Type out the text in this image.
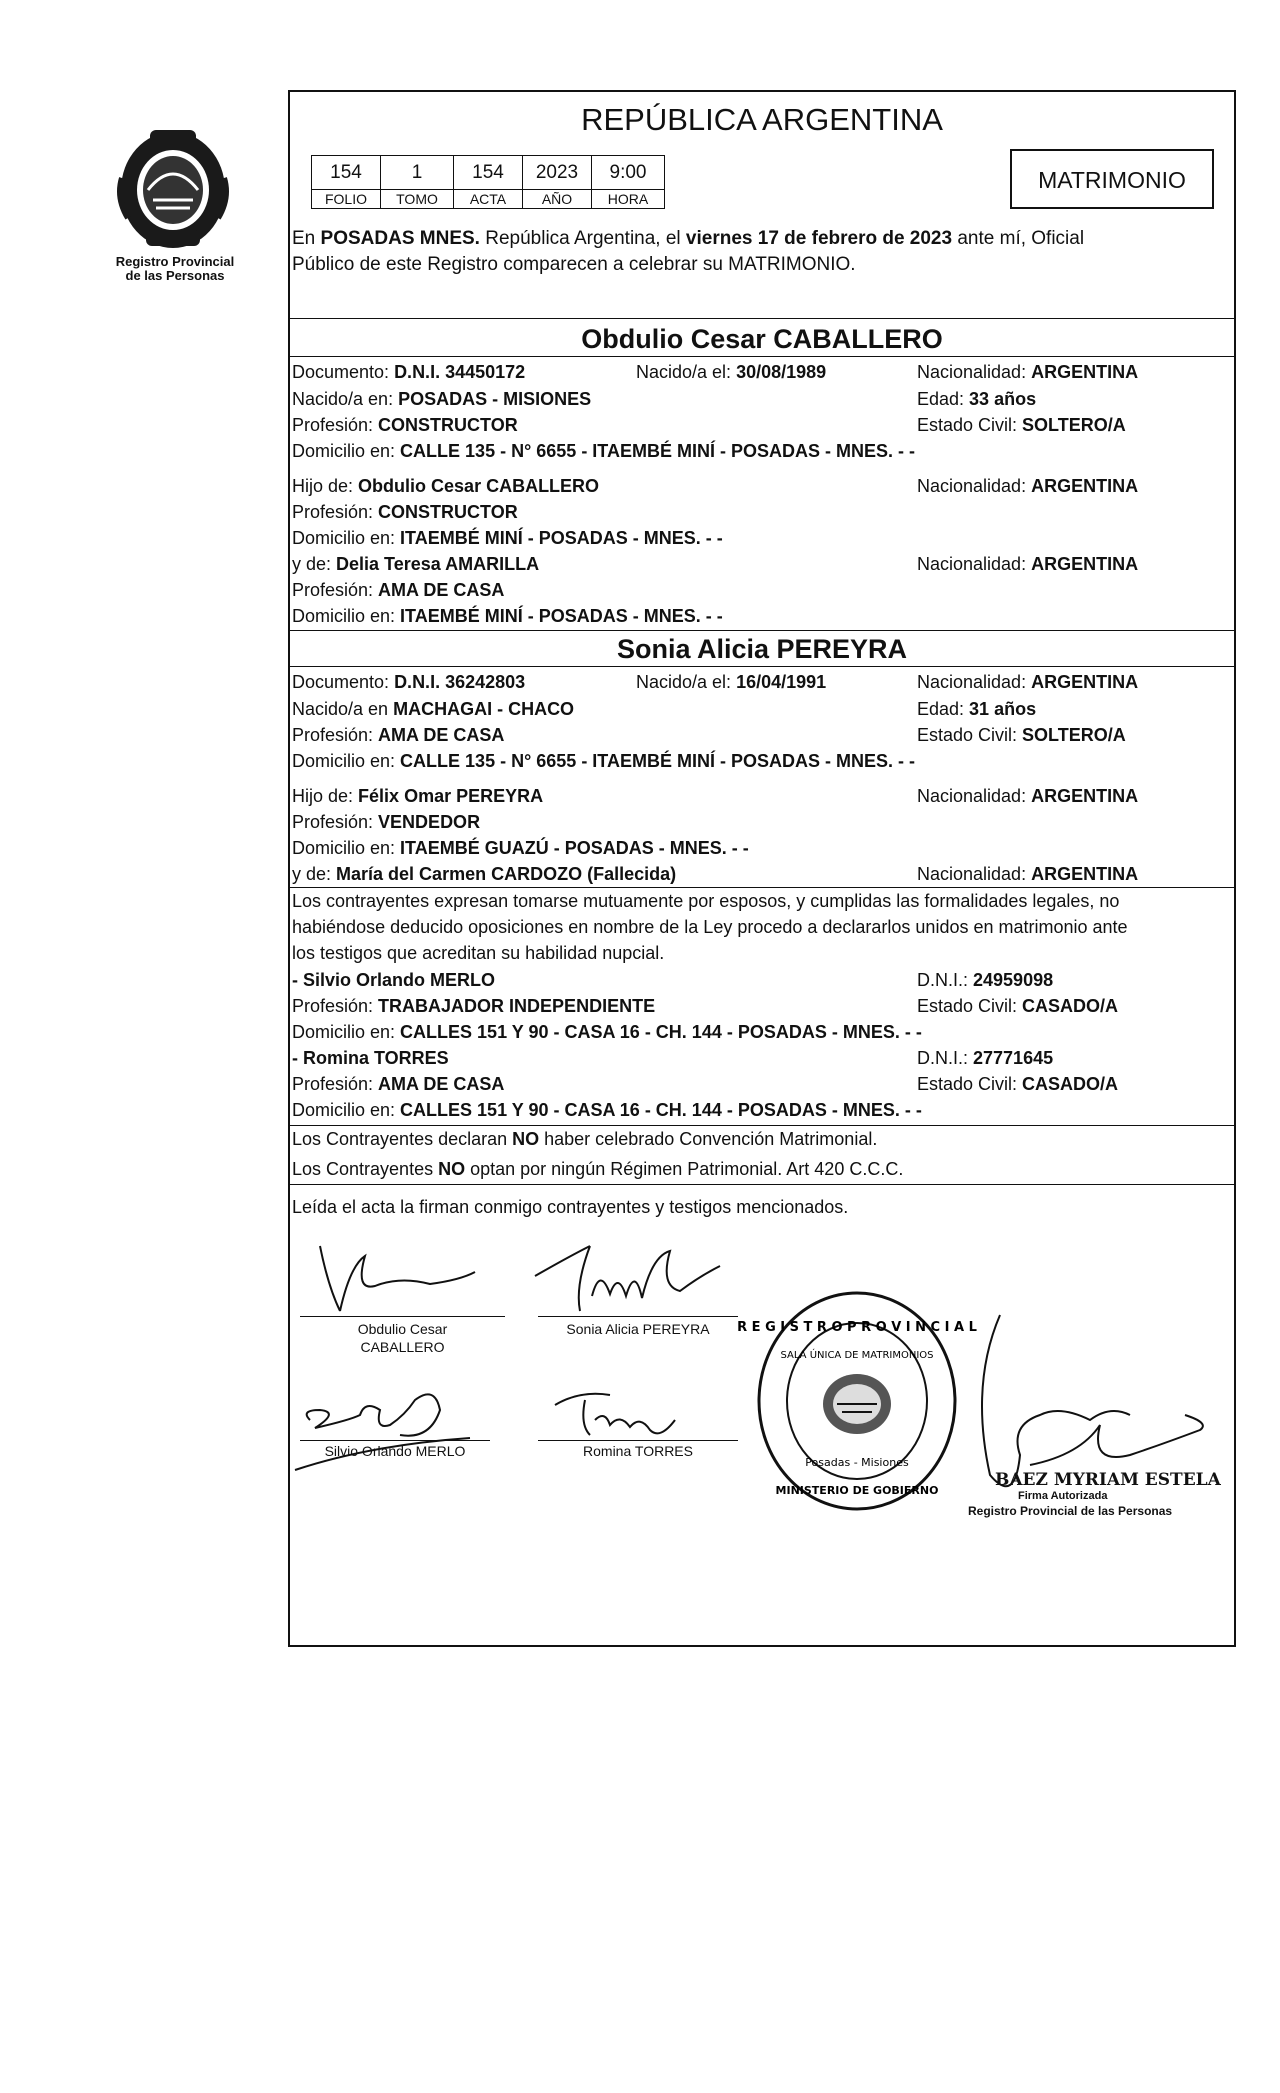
Registro Provincial
de las Personas
REPÚBLICA ARGENTINA
154	1	154	2023	9:00
FOLIO	TOMO	ACTA	AÑO	HORA
MATRIMONIO
En POSADAS MNES. República Argentina, el viernes 17 de febrero de 2023 ante mí, Oficial
Público de este Registro comparecen a celebrar su MATRIMONIO.
Obdulio Cesar CABALLERO
Documento: D.N.I. 34450172	Nacido/a el: 30/08/1989	Nacionalidad: ARGENTINA
Nacido/a en: POSADAS - MISIONES	Edad: 33 años
Profesión: CONSTRUCTOR	Estado Civil: SOLTERO/A
Domicilio en: CALLE 135 - N° 6655 - ITAEMBÉ MINÍ - POSADAS - MNES. - -
Hijo de: Obdulio Cesar CABALLERO	Nacionalidad: ARGENTINA
Profesión: CONSTRUCTOR
Domicilio en: ITAEMBÉ MINÍ - POSADAS - MNES. - -
y de: Delia Teresa AMARILLA	Nacionalidad: ARGENTINA
Profesión: AMA DE CASA
Domicilio en: ITAEMBÉ MINÍ - POSADAS - MNES. - -
Sonia Alicia PEREYRA
Documento: D.N.I. 36242803	Nacido/a el: 16/04/1991	Nacionalidad: ARGENTINA
Nacido/a en MACHAGAI - CHACO	Edad: 31 años
Profesión: AMA DE CASA	Estado Civil: SOLTERO/A
Domicilio en: CALLE 135 - N° 6655 - ITAEMBÉ MINÍ - POSADAS - MNES. - -
Hijo de: Félix Omar PEREYRA	Nacionalidad: ARGENTINA
Profesión: VENDEDOR
Domicilio en: ITAEMBÉ GUAZÚ - POSADAS - MNES. - -
y de: María del Carmen CARDOZO (Fallecida)	Nacionalidad: ARGENTINA
Los contrayentes expresan tomarse mutuamente por esposos, y cumplidas las formalidades legales, no
habiéndose deducido oposiciones en nombre de la Ley procedo a declararlos unidos en matrimonio ante
los testigos que acreditan su habilidad nupcial.
- Silvio Orlando MERLO	D.N.I.: 24959098
Profesión: TRABAJADOR INDEPENDIENTE	Estado Civil: CASADO/A
Domicilio en: CALLES 151 Y 90 - CASA 16 - CH. 144 - POSADAS - MNES. - -
- Romina TORRES	D.N.I.: 27771645
Profesión: AMA DE CASA	Estado Civil: CASADO/A
Domicilio en: CALLES 151 Y 90 - CASA 16 - CH. 144 - POSADAS - MNES. - -
Los Contrayentes declaran NO haber celebrado Convención Matrimonial.
Los Contrayentes NO optan por ningún Régimen Patrimonial. Art 420 C.C.C.
Leída el acta la firman conmigo contrayentes y testigos mencionados.
Obdulio Cesar
CABALLERO
Sonia Alicia PEREYRA
Silvio Orlando MERLO	Romina TORRES
R E G I S T R O P R O V I N C I A L
SALA ÚNICA DE MATRIMONIOS
Posadas - Misiones
MINISTERIO DE GOBIERNO
BAEZ MYRIAM ESTELA
Firma Autorizada
Registro Provincial de las Personas
